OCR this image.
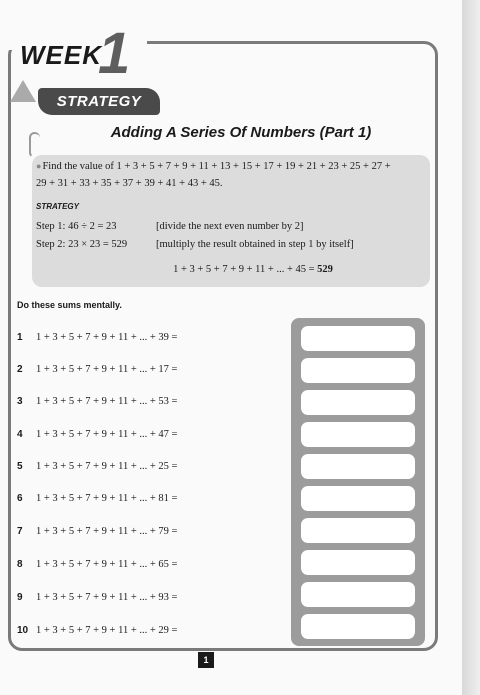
WEEK
1
STRATEGY
Adding A Series Of Numbers (Part 1)
●Find the value of 1 + 3 + 5 + 7 + 9 + 11 + 13 + 15 + 17 + 19 + 21 + 23 + 25 + 27 +
29 + 31 + 33 + 35 + 37 + 39 + 41 + 43 + 45.
STRATEGY
Step 1: 46 ÷ 2 = 23	[divide the next even number by 2]
Step 2: 23 × 23 = 529	[multiply the result obtained in step 1 by itself]
1 + 3 + 5 + 7 + 9 + 11 + ... + 45 = 529
Do these sums mentally.
1 1 + 3 + 5 + 7 + 9 + 11 + ... + 39 =
2 1 + 3 + 5 + 7 + 9 + 11 + ... + 17 =
3 1 + 3 + 5 + 7 + 9 + 11 + ... + 53 =
4 1 + 3 + 5 + 7 + 9 + 11 + ... + 47 =
5 1 + 3 + 5 + 7 + 9 + 11 + ... + 25 =
6 1 + 3 + 5 + 7 + 9 + 11 + ... + 81 =
7 1 + 3 + 5 + 7 + 9 + 11 + ... + 79 =
8 1 + 3 + 5 + 7 + 9 + 11 + ... + 65 =
9 1 + 3 + 5 + 7 + 9 + 11 + ... + 93 =
10 1 + 3 + 5 + 7 + 9 + 11 + ... + 29 =
1
